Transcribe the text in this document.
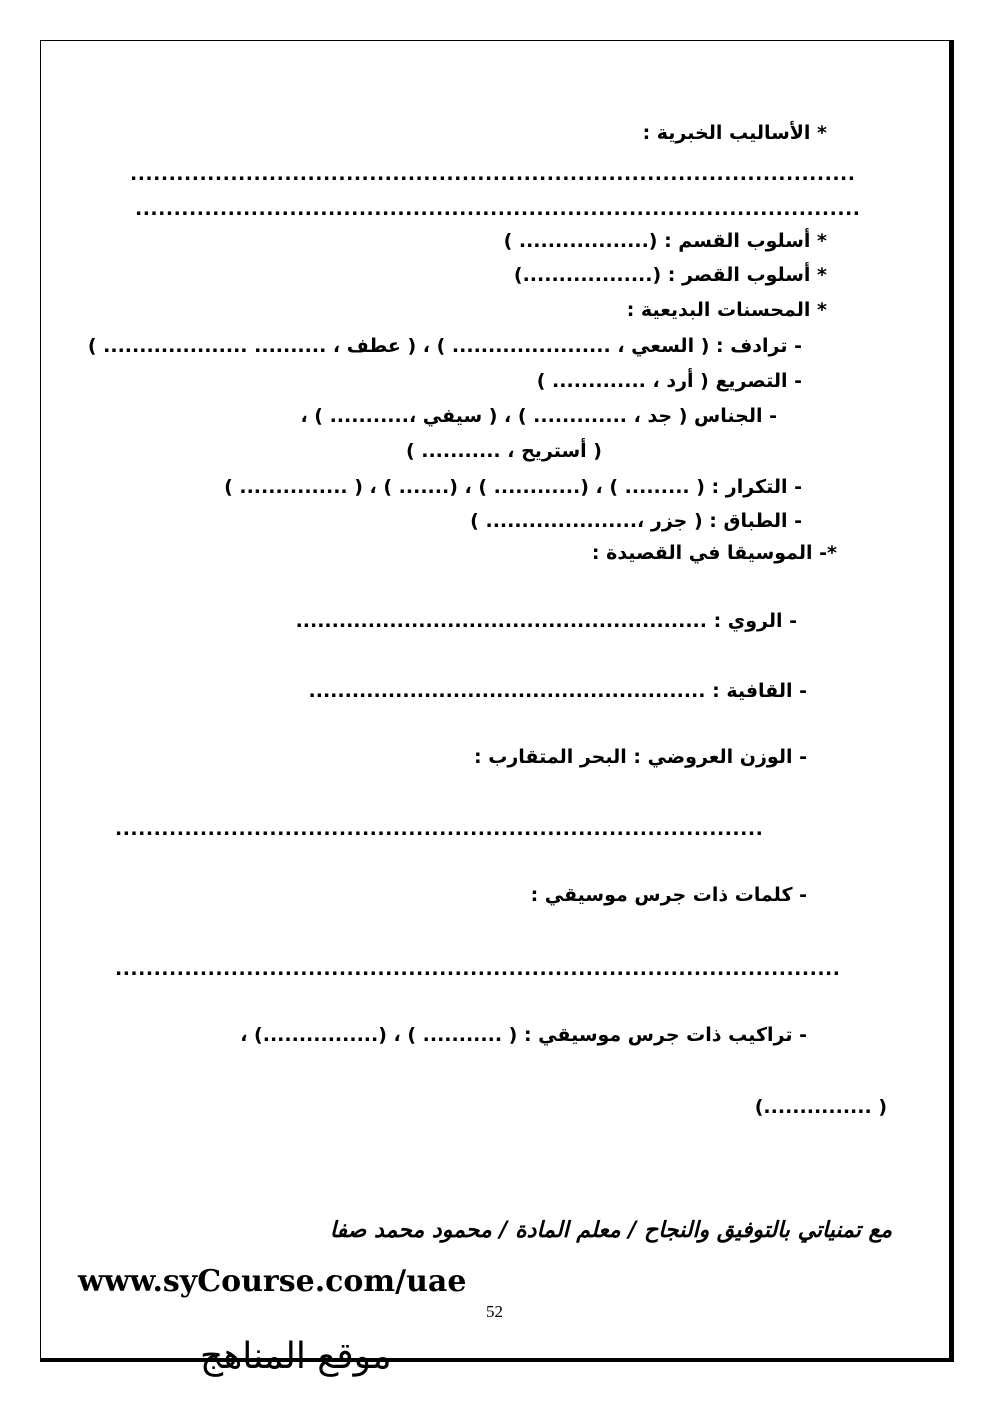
* الأساليب الخبرية :
..............................................................................................
..............................................................................................
* أسلوب القسم : (.................. )
* أسلوب القصر : (..................)
* المحسنات البديعية :
- ترادف : ( السعي ، ...................... ) ، ( عطف ، .......... .................... )
- التصريع ( أرد ، ............. )
- الجناس ( جد ، ............. ) ، ( سيفي ،........... ) ،
( أستريح ، ........... )
- التكرار : ( ......... ) ، (............ ) ، (....... ) ، ( ............... )
- الطباق : ( جزر ،..................... )
*- الموسيقا في القصيدة :
- الروي : .........................................................
- القافية : .......................................................
- الوزن العروضي : البحر المتقارب :
....................................................................................
- كلمات ذات جرس موسيقي :
..............................................................................................
- تراكيب ذات جرس موسيقي : ( ........... ) ، (................) ،
(............... )
مع تمنياتي بالتوفيق والنجاح / معلم المادة / محمود محمد صفا
www.syCourse.com/uae
52
موقع المناهج
